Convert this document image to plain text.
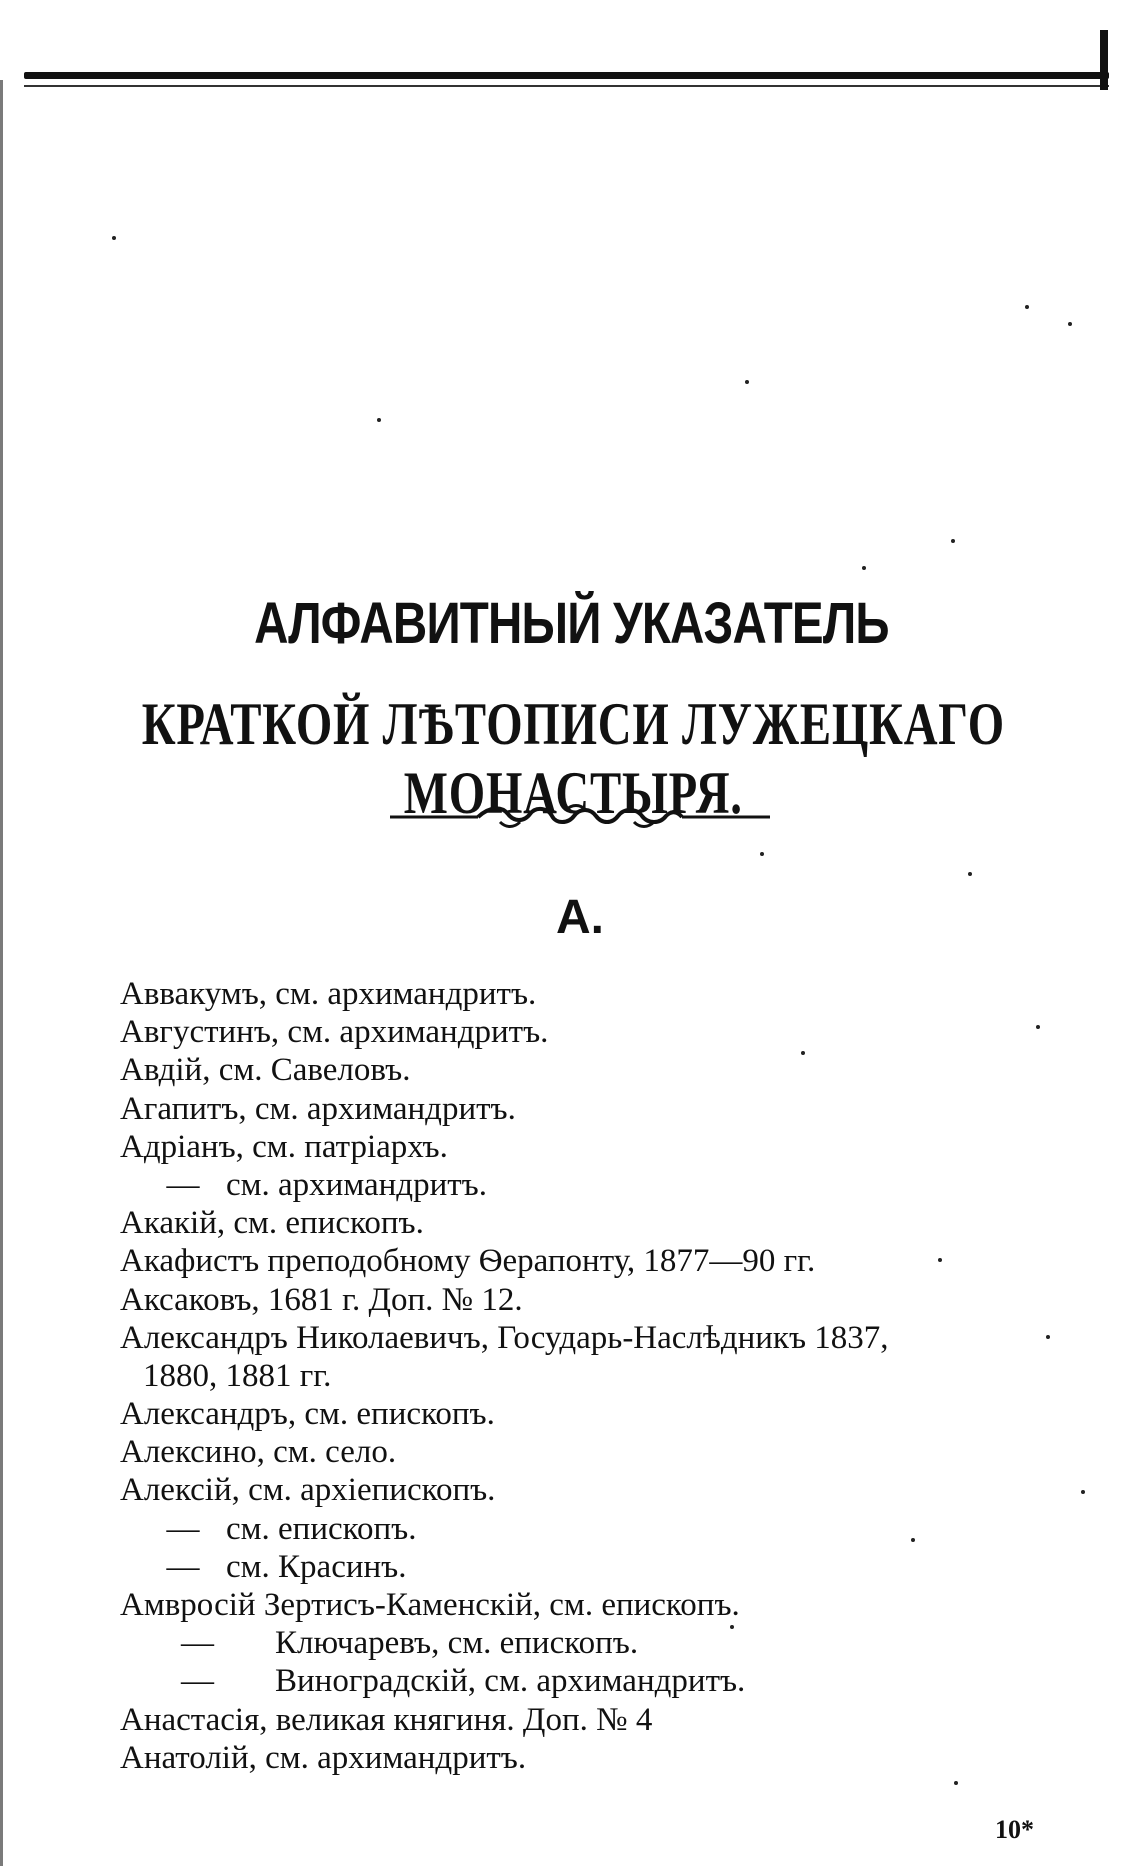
АЛФАВИТНЫЙ УКАЗАТЕЛЬ
КРАТКОЙ ЛѢТОПИСИ ЛУЖЕЦКАГО МОНАСТЫРЯ.
А.
Аввакумъ, см. архимандритъ.
Августинъ, см. архимандритъ.
Авдій, см. Савеловъ.
Агапитъ, см. архимандритъ.
Адріанъ, см. патріархъ.
— см. архимандритъ.
Акакій, см. епископъ.
Акафистъ преподобному Ѳерапонту, 1877—90 гг.
Аксаковъ, 1681 г. Доп. № 12.
Александръ Николаевичъ, Государь-Наслѣдникъ 1837,
1880, 1881 гг.
Александръ, см. епископъ.
Алексино, см. село.
Алексій, см. архіепископъ.
— см. епископъ.
— см. Красинъ.
Амвросій Зертисъ-Каменскій, см. епископъ.
— Ключаревъ, см. епископъ.
— Виноградскій, см. архимандритъ.
Анастасія, великая княгиня. Доп. № 4
Анатолій, см. архимандритъ.
10*
